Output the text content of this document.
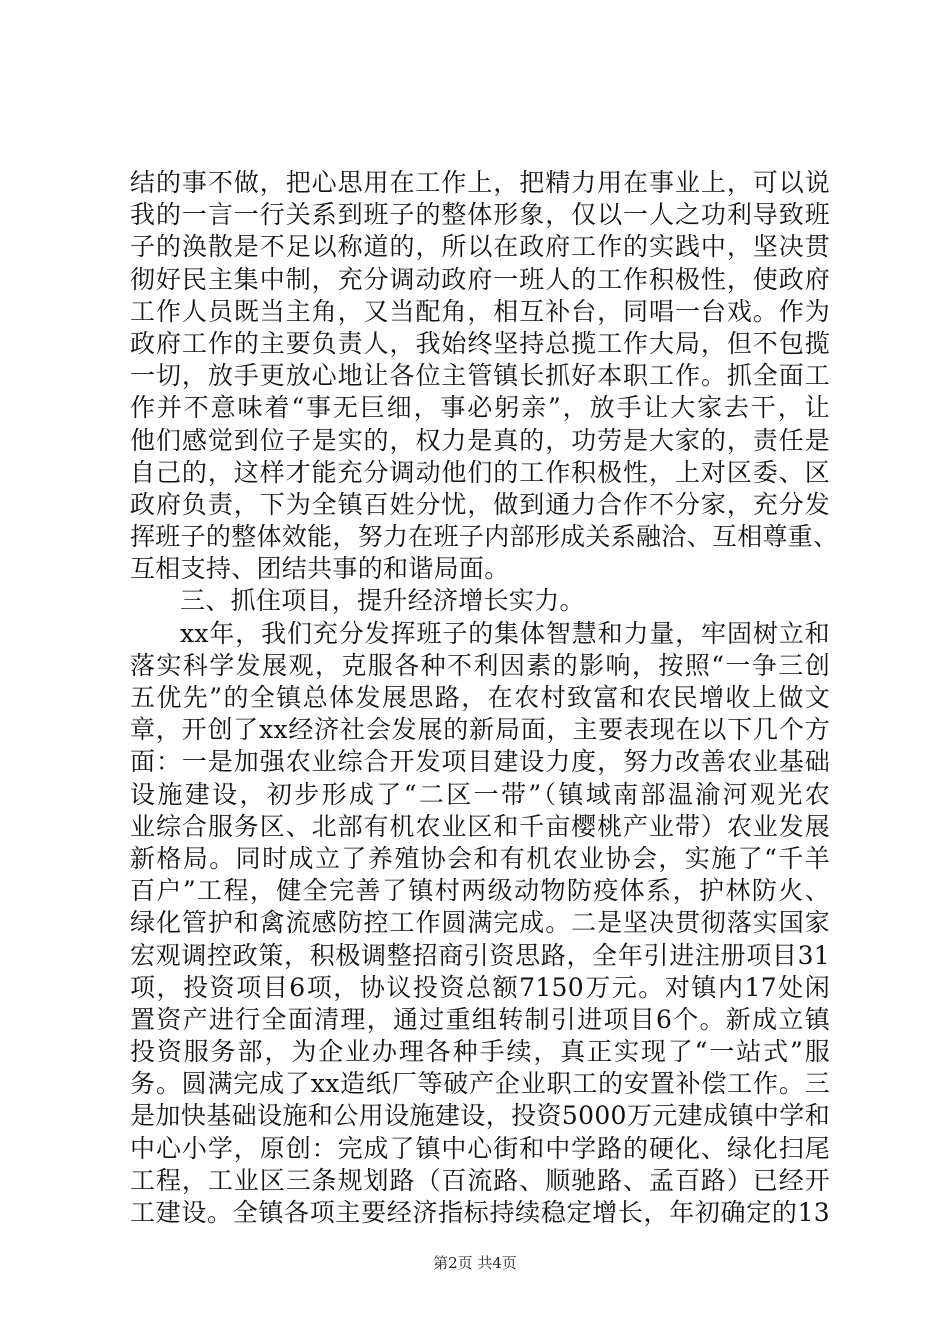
结的事不做，把心思用在工作上，把精力用在事业上，可以说
我的一言一行关系到班子的整体形象，仅以一人之功利导致班
子的涣散是不足以称道的，所以在政府工作的实践中，坚决贯
彻好民主集中制，充分调动政府一班人的工作积极性，使政府
工作人员既当主角，又当配角，相互补台，同唱一台戏。作为
政府工作的主要负责人，我始终坚持总揽工作大局，但不包揽
一切，放手更放心地让各位主管镇长抓好本职工作。抓全面工
作并不意味着“事无巨细，事必躬亲”，放手让大家去干，让
他们感觉到位子是实的，权力是真的，功劳是大家的，责任是
自己的，这样才能充分调动他们的工作积极性，上对区委、区
政府负责，下为全镇百姓分忧，做到通力合作不分家，充分发
挥班子的整体效能，努力在班子内部形成关系融洽、互相尊重、
互相支持、团结共事的和谐局面。
三、抓住项目，提升经济增长实力。
xx年，我们充分发挥班子的集体智慧和力量，牢固树立和
落实科学发展观，克服各种不利因素的影响，按照“一争三创
五优先”的全镇总体发展思路，在农村致富和农民增收上做文
章，开创了xx经济社会发展的新局面，主要表现在以下几个方
面：一是加强农业综合开发项目建设力度，努力改善农业基础
设施建设，初步形成了“二区一带”（镇域南部温渝河观光农
业综合服务区、北部有机农业区和千亩樱桃产业带）农业发展
新格局。同时成立了养殖协会和有机农业协会，实施了“千羊
百户”工程，健全完善了镇村两级动物防疫体系，护林防火、
绿化管护和禽流感防控工作圆满完成。二是坚决贯彻落实国家
宏观调控政策，积极调整招商引资思路，全年引进注册项目31
项，投资项目6项，协议投资总额7150万元。对镇内17处闲
置资产进行全面清理，通过重组转制引进项目6个。新成立镇
投资服务部，为企业办理各种手续，真正实现了“一站式”服
务。圆满完成了xx造纸厂等破产企业职工的安置补偿工作。三
是加快基础设施和公用设施建设，投资5000万元建成镇中学和
中心小学，原创：完成了镇中心街和中学路的硬化、绿化扫尾
工程，工业区三条规划路（百流路、顺驰路、孟百路）已经开
工建设。全镇各项主要经济指标持续稳定增长，年初确定的13
第2页 共4页
